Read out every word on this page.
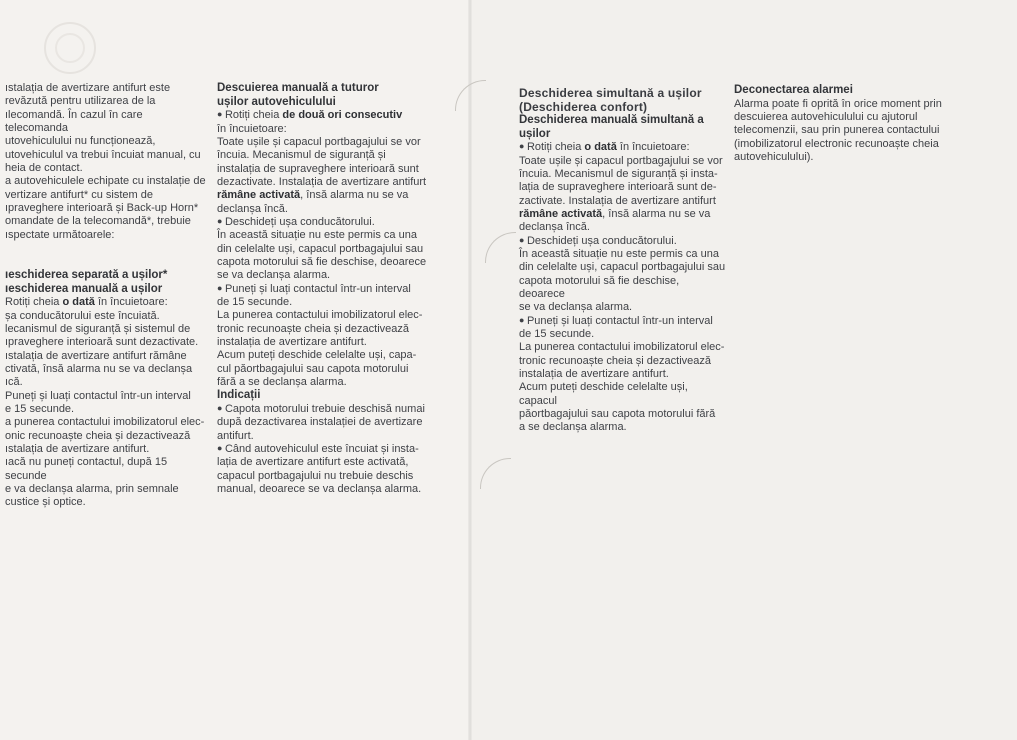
ıstalația de avertizare antifurt este

revăzută pentru utilizarea de la

ılecomandă. În cazul în care telecomanda

utovehiculului nu funcționează,

utovehiculul va trebui încuiat manual, cu

heia de contact.

a autovehiculele echipate cu instalație de

vertizare antifurt* cu sistem de

ıpraveghere interioară și Back-up Horn*

omandate de la telecomandă*, trebuie

ıspectate următoarele:

ıeschiderea separată a ușilor*

ıeschiderea manuală a ușilor

Rotiți cheia o dată în încuietoare:

șa conducătorului este încuiată.

lecanismul de siguranță și sistemul de

ıpraveghere interioară sunt dezactivate.

ıstalația de avertizare antifurt rămâne

ctivată, însă alarma nu se va declanșa

ıcă.

Puneți și luați contactul într-un interval

e 15 secunde.

a punerea contactului imobilizatorul elec-

onic recunoaște cheia și dezactivează

ıstalația de avertizare antifurt.

ıacă nu puneți contactul, după 15 secunde

e va declanșa alarma, prin semnale

custice și optice.

Descuierea manuală a tuturor

ușilor autovehiculului

● Rotiți cheia de două ori consecutiv

în încuietoare:

Toate ușile și capacul portbagajului se vor

încuia. Mecanismul de siguranță și

instalația de supraveghere interioară sunt

dezactivate. Instalația de avertizare antifurt

rămâne activată, însă alarma nu se va

declanșa încă.

● Deschideți ușa conducătorului.

În această situație nu este permis ca una

din celelalte uși, capacul portbagajului sau

capota motorului să fie deschise, deoarece

se va declanșa alarma.

● Puneți și luați contactul într-un interval

de 15 secunde.

La punerea contactului imobilizatorul elec-

tronic recunoaște cheia și dezactivează

instalația de avertizare antifurt.

Acum puteți deschide celelalte uși, capa-

cul păortbagajului sau capota motorului

fără a se declanșa alarma.

Indicații

● Capota motorului trebuie deschisă numai

după dezactivarea instalației de avertizare

antifurt.

● Când autovehiculul este încuiat și insta-

lația de avertizare antifurt este activată,

capacul portbagajului nu trebuie deschis

manual, deoarece se va declanșa alarma.

Deschiderea simultană a ușilor

(Deschiderea confort)

Deschiderea manuală simultană a

ușilor

● Rotiți cheia o dată în încuietoare:

Toate ușile și capacul portbagajului se vor

încuia. Mecanismul de siguranță și insta-

lația de supraveghere interioară sunt de-

zactivate. Instalația de avertizare antifurt

rămâne activată, însă alarma nu se va

declanșa încă.

● Deschideți ușa conducătorului.

În această situație nu este permis ca una

din celelalte uși, capacul portbagajului sau

capota motorului să fie deschise, deoarece

se va declanșa alarma.

● Puneți și luați contactul într-un interval

de 15 secunde.

La punerea contactului imobilizatorul elec-

tronic recunoaște cheia și dezactivează

instalația de avertizare antifurt.

Acum puteți deschide celelalte uși, capacul

păortbagajului sau capota motorului fără

a se declanșa alarma.

Deconectarea alarmei

Alarma poate fi oprită în orice moment prin

descuierea autovehiculului cu ajutorul

telecomenzii, sau prin punerea contactului

(imobilizatorul electronic recunoaște cheia

autovehiculului).
